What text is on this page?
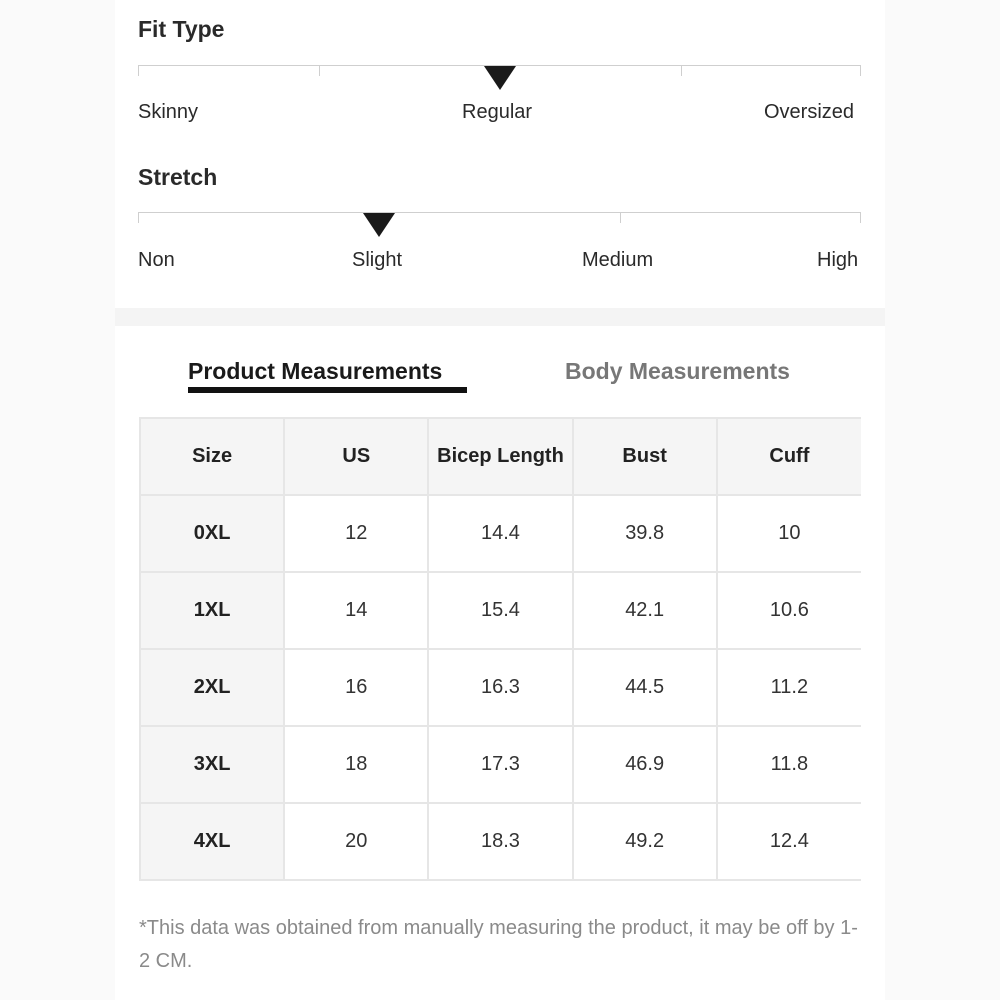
Fit Type
Skinny	Regular	Oversized
Stretch
Non	Slight	Medium	High
Product Measurements	Body Measurements
Size	US	Bicep Length	Bust	Cuff
0XL	12	14.4	39.8	10
1XL	14	15.4	42.1	10.6
2XL	16	16.3	44.5	11.2
3XL	18	17.3	46.9	11.8
4XL	20	18.3	49.2	12.4

*This data was obtained from manually measuring the product, it may be off by 1-2 CM.
